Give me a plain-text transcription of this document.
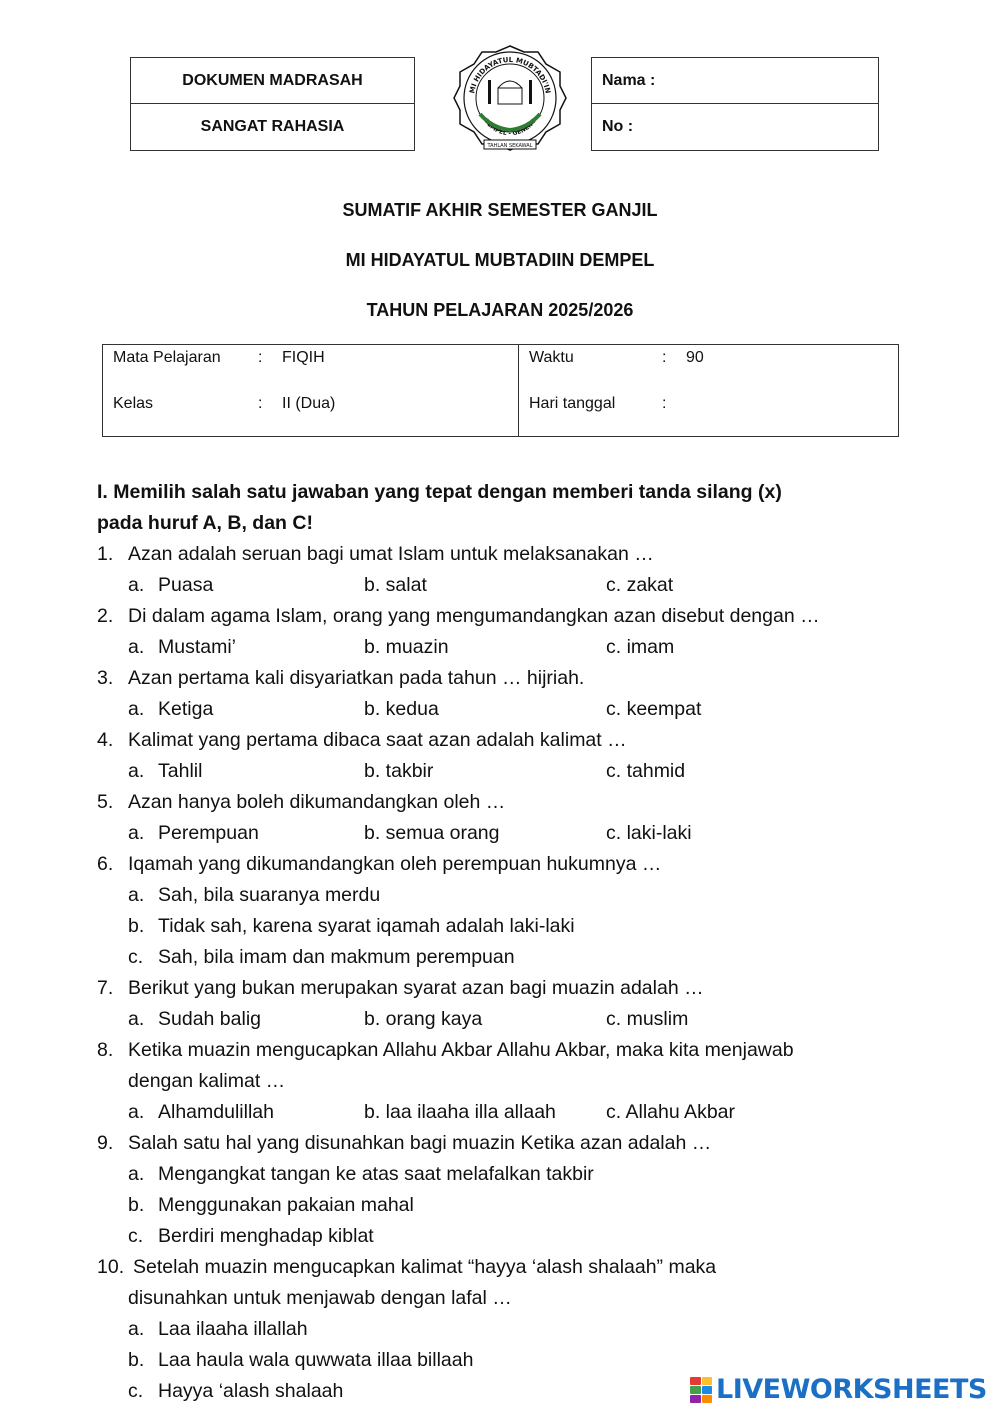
DOKUMEN MADRASAH
SANGAT RAHASIA
MI HIDAYATUL MUBTADI'IN
DEMPEL - GENENG
TAHLAN SEKAWAL
Nama :
No :
SUMATIF AKHIR SEMESTER GANJIL
MI HIDAYATUL MUBTADIIN DEMPEL
TAHUN PELAJARAN 2025/2026
Mata Pelajaran	:	FIQIH
Kelas	:	II (Dua)
Waktu	:	90
Hari tanggal	:
I. Memilih salah satu jawaban yang tepat dengan memberi tanda silang (x)
pada huruf A, B, dan C!
1. Azan adalah seruan bagi umat Islam untuk melaksanakan …
a. Puasa	b. salat	c. zakat
2. Di dalam agama Islam, orang yang mengumandangkan azan disebut dengan …
a. Mustami’	b. muazin	c. imam
3. Azan pertama kali disyariatkan pada tahun … hijriah.
a. Ketiga	b. kedua	c. keempat
4. Kalimat yang pertama dibaca saat azan adalah kalimat …
a. Tahlil	b. takbir	c. tahmid
5. Azan hanya boleh dikumandangkan oleh …
a. Perempuan	b. semua orang	c. laki-laki
6. Iqamah yang dikumandangkan oleh perempuan hukumnya …
a. Sah, bila suaranya merdu
b. Tidak sah, karena syarat iqamah adalah laki-laki
c. Sah, bila imam dan makmum perempuan
7. Berikut yang bukan merupakan syarat azan bagi muazin adalah …
a. Sudah balig	b. orang kaya	c. muslim
8. Ketika muazin mengucapkan Allahu Akbar Allahu Akbar, maka kita menjawab
dengan kalimat …
a. Alhamdulillah	b. laa ilaaha illa allaah	c. Allahu Akbar
9. Salah satu hal yang disunahkan bagi muazin Ketika azan adalah …
a. Mengangkat tangan ke atas saat melafalkan takbir
b. Menggunakan pakaian mahal
c. Berdiri menghadap kiblat
10. Setelah muazin mengucapkan kalimat “hayya ‘alash shalaah” maka
disunahkan untuk menjawab dengan lafal …
a. Laa ilaaha illallah
b. Laa haula wala quwwata illaa billaah
c. Hayya ‘alash shalaah	LIVEWORKSHEETS
